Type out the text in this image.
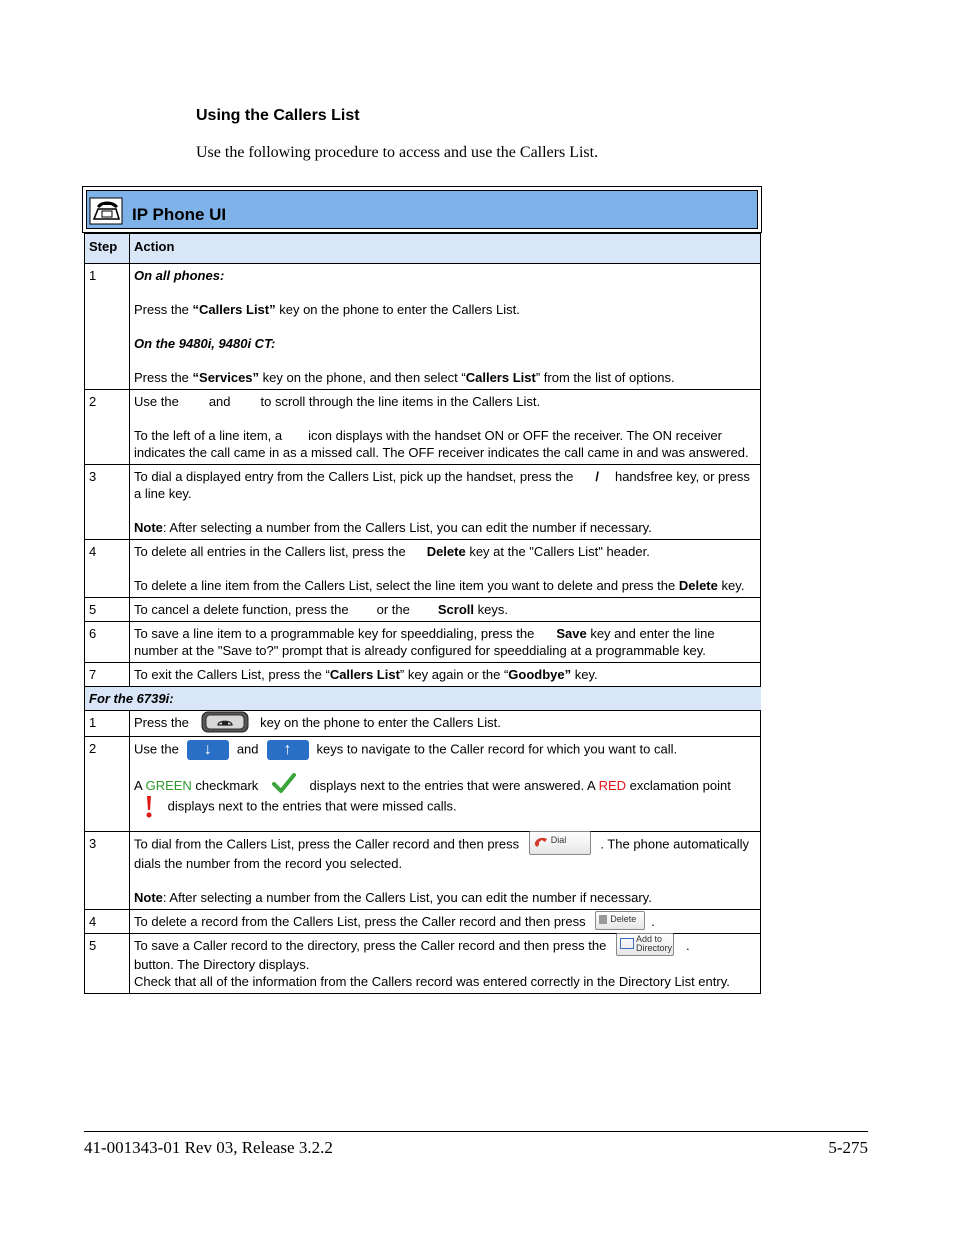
Using the Callers List
Use the following procedure to access and use the Callers List.
IP Phone UI
Step	Action
1	On all phones:

Press the “Callers List” key on the phone to enter the Callers List.

On the 9480i, 9480i CT:

Press the “Services” key on the phone, and then select “Callers List” from the list of options.

2	Use the and to scroll through the line items in the Callers List.

To the left of a line item, a icon displays with the handset ON or OFF the receiver. The ON receiver indicates the call came in as a missed call. The OFF receiver indicates the call came in and was answered.

3	To dial a displayed entry from the Callers List, pick up the handset, press the / handsfree key, or press a line key.

Note: After selecting a number from the Callers List, you can edit the number if necessary.

4	To delete all entries in the Callers list, press the Delete key at the "Callers List" header.

To delete a line item from the Callers List, select the line item you want to delete and press the Delete key.

5	To cancel a delete function, press the or the Scroll keys.

6	To save a line item to a programmable key for speeddialing, press the Save key and enter the line number at the "Save to?" prompt that is already configured for speeddialing at a programmable key.

7	To exit the Callers List, press the “Callers List” key again or the “Goodbye” key.

For the 6739i:	
1	Press the key on the phone to enter the Callers List.

2	Use the ↓ and ↑ keys to navigate to the Caller record for which you want to call.

A GREEN checkmark displays next to the entries that were answered. A RED exclamation point  displays next to the entries that were missed calls.

3	To dial from the Callers List, press the Caller record and then press Dial . The phone automatically dials the number from the record you selected.

Note: After selecting a number from the Callers List, you can edit the number if necessary.

4	To delete a record from the Callers List, press the Caller record and then press Delete .

5	To save a Caller record to the directory, press the Caller record and then press the Add to
Directory .

button. The Directory displays.

Check that all of the information from the Callers record was entered correctly in the Directory List entry.

41-001343-01 Rev 03, Release 3.2.2	5-275
